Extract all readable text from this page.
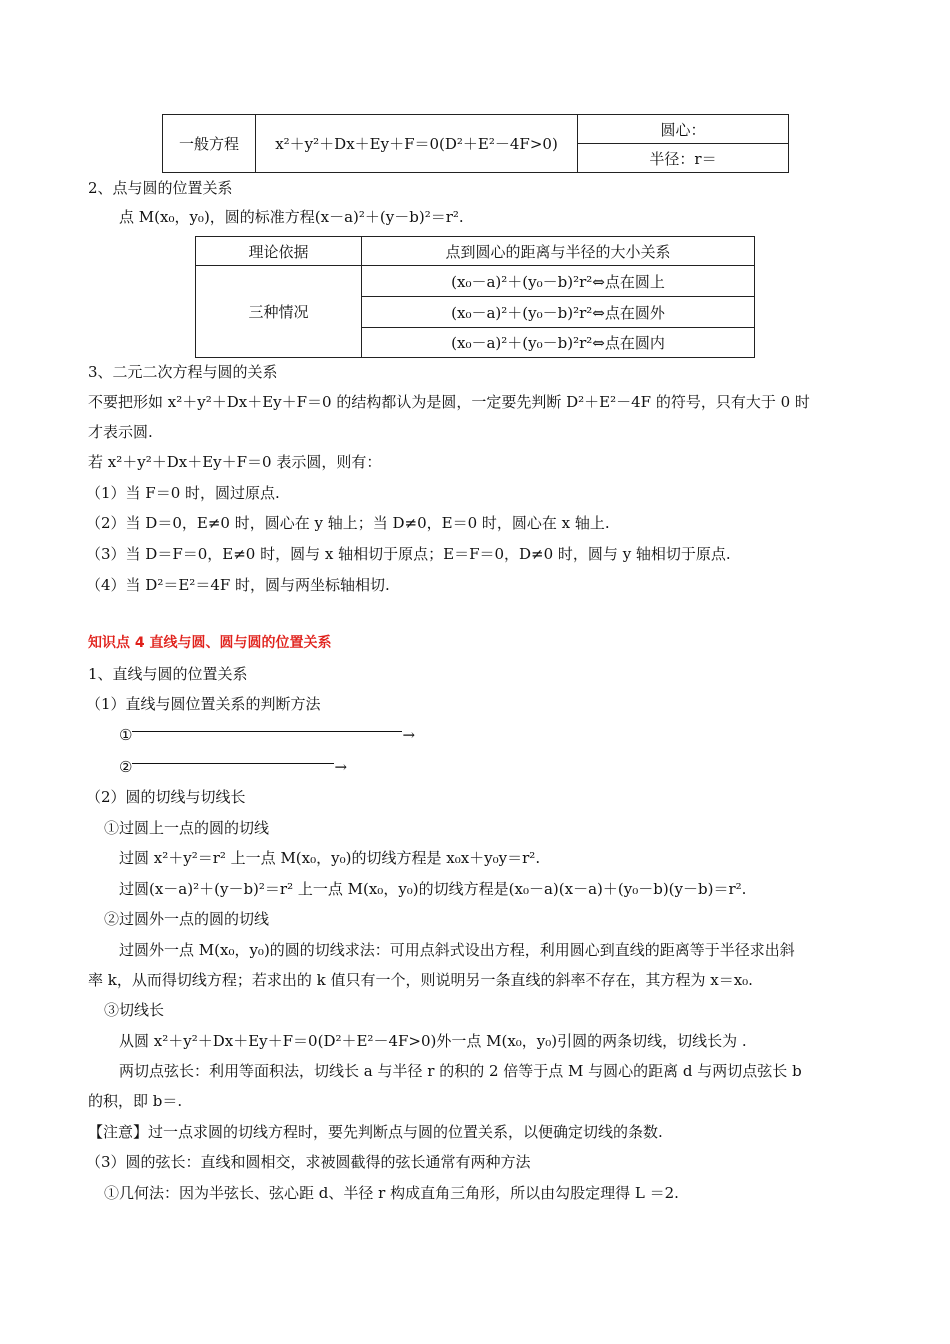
一般方程	x²＋y²＋Dx＋Ey＋F＝0(D²＋E²－4F>0)	圆心：
半径：r＝
2、点与圆的位置关系
点 M(x₀，y₀)，圆的标准方程(x－a)²＋(y－b)²＝r².
理论依据	点到圆心的距离与半径的大小关系
三种情况	(x₀－a)²＋(y₀－b)²r²⇔点在圆上
	(x₀－a)²＋(y₀－b)²r²⇔点在圆外
	(x₀－a)²＋(y₀－b)²r²⇔点在圆内
3、二元二次方程与圆的关系
不要把形如 x²＋y²＋Dx＋Ey＋F＝0 的结构都认为是圆，一定要先判断 D²＋E²－4F 的符号，只有大于 0 时
才表示圆.
若 x²＋y²＋Dx＋Ey＋F＝0 表示圆，则有：
（1）当 F＝0 时，圆过原点.
（2）当 D＝0，E≠0 时，圆心在 y 轴上；当 D≠0，E＝0 时，圆心在 x 轴上.
（3）当 D＝F＝0，E≠0 时，圆与 x 轴相切于原点；E＝F＝0，D≠0 时，圆与 y 轴相切于原点.
（4）当 D²＝E²＝4F 时，圆与两坐标轴相切.
知识点 4 直线与圆、圆与圆的位置关系
1、直线与圆的位置关系
（1）直线与圆位置关系的判断方法
①	→
②	→
（2）圆的切线与切线长
①过圆上一点的圆的切线
过圆 x²＋y²＝r² 上一点 M(x₀，y₀)的切线方程是 x₀x＋y₀y＝r².
过圆(x－a)²＋(y－b)²＝r² 上一点 M(x₀，y₀)的切线方程是(x₀－a)(x－a)＋(y₀－b)(y－b)＝r².
②过圆外一点的圆的切线
过圆外一点 M(x₀，y₀)的圆的切线求法：可用点斜式设出方程，利用圆心到直线的距离等于半径求出斜
率 k，从而得切线方程；若求出的 k 值只有一个，则说明另一条直线的斜率不存在，其方程为 x＝x₀.
③切线长
从圆 x²＋y²＋Dx＋Ey＋F＝0(D²＋E²－4F>0)外一点 M(x₀，y₀)引圆的两条切线，切线长为 .
两切点弦长：利用等面积法，切线长 a 与半径 r 的积的 2 倍等于点 M 与圆心的距离 d 与两切点弦长 b
的积，即 b＝.
【注意】过一点求圆的切线方程时，要先判断点与圆的位置关系，以便确定切线的条数.
（3）圆的弦长：直线和圆相交，求被圆截得的弦长通常有两种方法
①几何法：因为半弦长、弦心距 d、半径 r 构成直角三角形，所以由勾股定理得 L ＝2.
